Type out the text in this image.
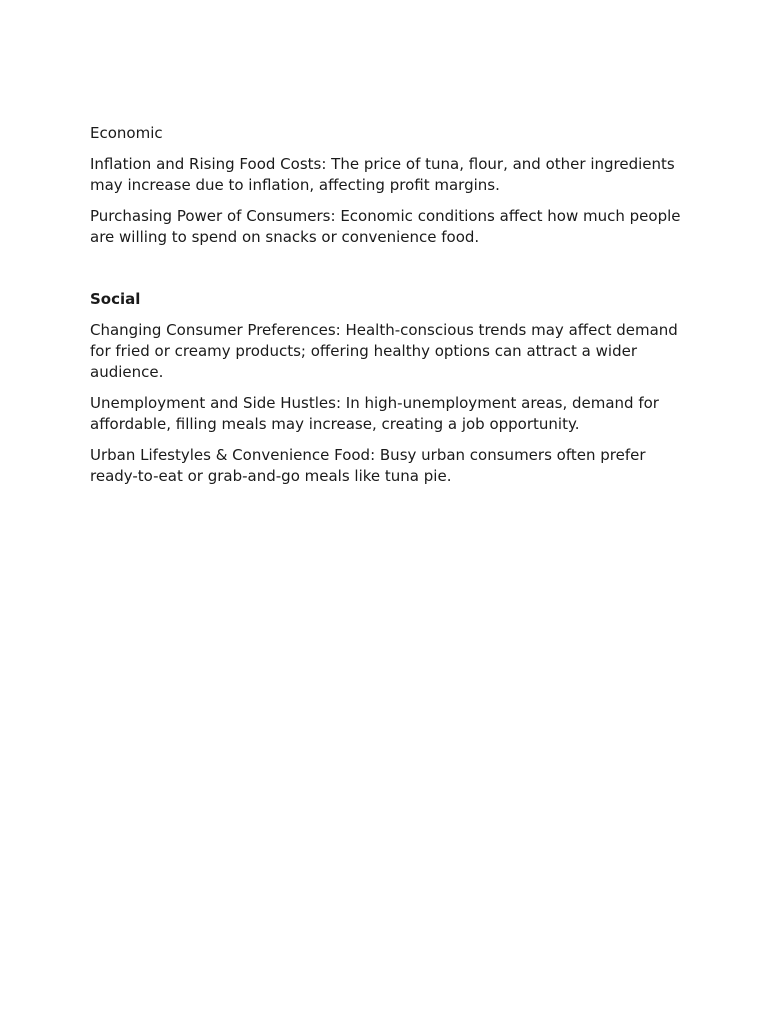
Economic

Inflation and Rising Food Costs: The price of tuna, flour, and other ingredients may increase due to inflation, affecting profit margins.

Purchasing Power of Consumers: Economic conditions affect how much people are willing to spend on snacks or convenience food.

Social

Changing Consumer Preferences: Health-conscious trends may affect demand for fried or creamy products; offering healthy options can attract a wider audience.

Unemployment and Side Hustles: In high-unemployment areas, demand for affordable, filling meals may increase, creating a job opportunity.

Urban Lifestyles & Convenience Food: Busy urban consumers often prefer ready-to-eat or grab-and-go meals like tuna pie.
